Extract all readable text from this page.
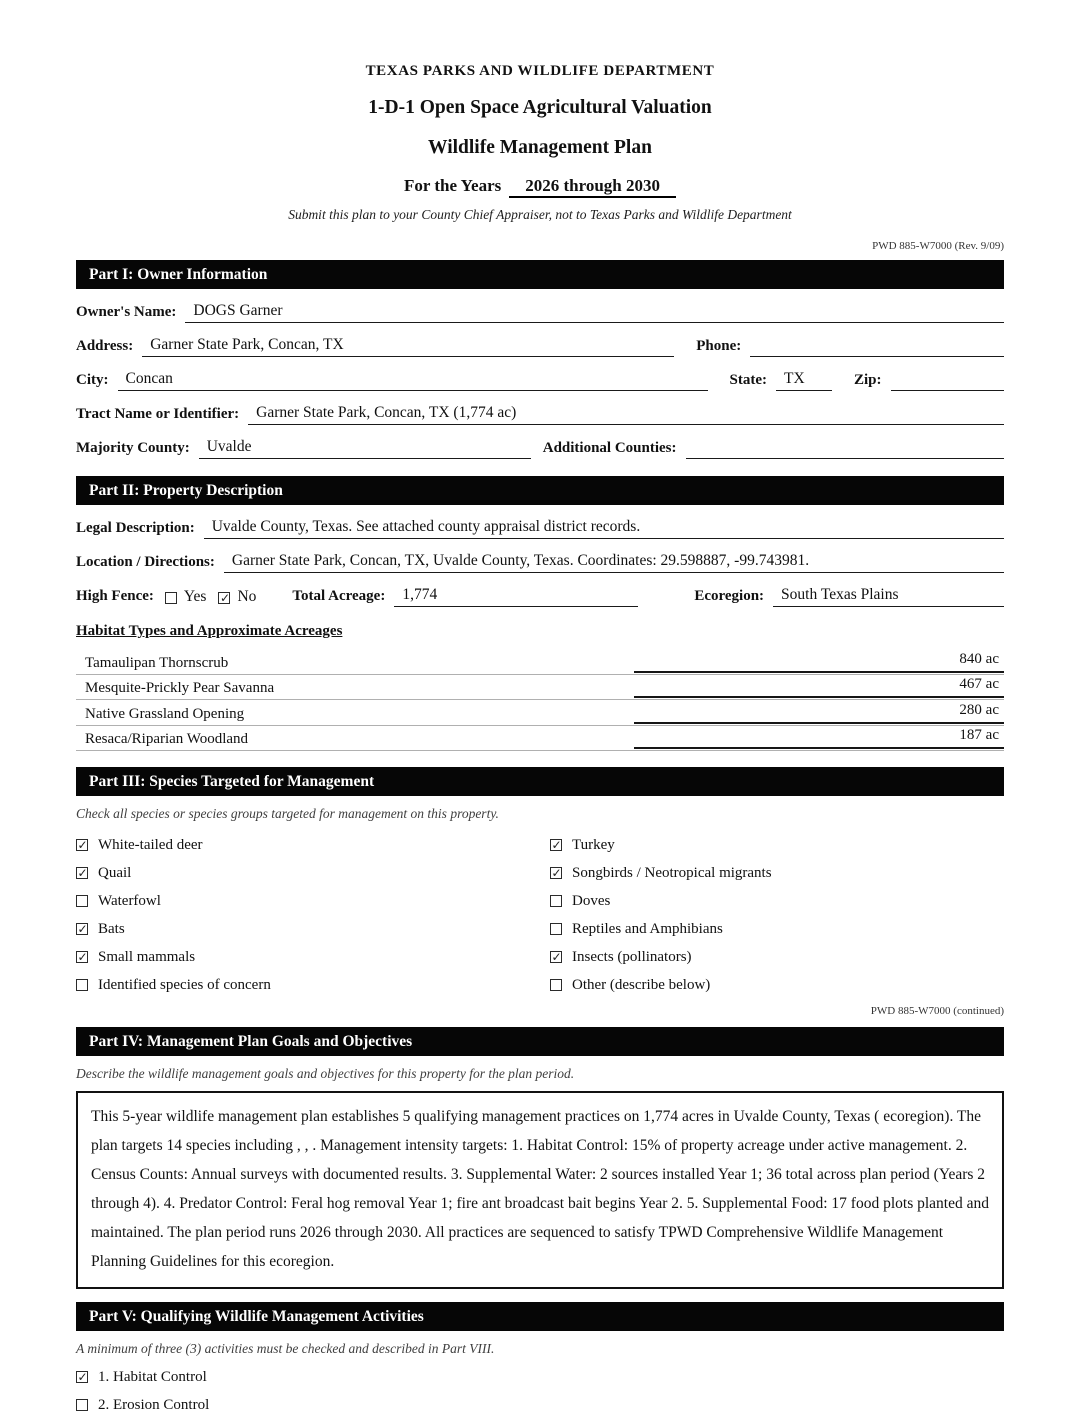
TEXAS PARKS AND WILDLIFE DEPARTMENT
1-D-1 Open Space Agricultural Valuation
Wildlife Management Plan
For the Years 2026 through 2030
Submit this plan to your County Chief Appraiser, not to Texas Parks and Wildlife Department
PWD 885-W7000 (Rev. 9/09)
Part I: Owner Information
Owner's Name:	DOGS Garner
Address:	Garner State Park, Concan, TX	Phone:
City:	Concan	State:	TX	Zip:
Tract Name or Identifier:	Garner State Park, Concan, TX (1,774 ac)
Majority County:	Uvalde	Additional Counties:
Part II: Property Description
Legal Description:	Uvalde County, Texas. See attached county appraisal district records.
Location / Directions:	Garner State Park, Concan, TX, Uvalde County, Texas. Coordinates: 29.598887, -99.743981.
High Fence:	Yes ✓	No	Total Acreage:	1,774	Ecoregion:	South Texas Plains
Habitat Types and Approximate Acreages
Tamaulipan Thornscrub	840 ac
Mesquite-Prickly Pear Savanna	467 ac
Native Grassland Opening	280 ac
Resaca/Riparian Woodland	187 ac
Part III: Species Targeted for Management
Check all species or species groups targeted for management on this property.
✓
White-tailed deer
✓
Quail
Waterfowl
✓
Bats
✓
Small mammals
Identified species of concern
✓
Turkey
✓
Songbirds / Neotropical migrants
Doves
Reptiles and Amphibians
✓
Insects (pollinators)
Other (describe below)
PWD 885-W7000 (continued)
Part IV: Management Plan Goals and Objectives
Describe the wildlife management goals and objectives for this property for the plan period.
This 5-year wildlife management plan establishes 5 qualifying management practices on 1,774 acres in Uvalde County, Texas ( ecoregion). The plan targets 14 species including , , . Management intensity targets: 1. Habitat Control: 15% of property acreage under active management. 2. Census Counts: Annual surveys with documented results. 3. Supplemental Water: 2 sources installed Year 1; 36 total across plan period (Years 2 through 4). 4. Predator Control: Feral hog removal Year 1; fire ant broadcast bait begins Year 2. 5. Supplemental Food: 17 food plots planted and maintained. The plan period runs 2026 through 2030. All practices are sequenced to satisfy TPWD Comprehensive Wildlife Management Planning Guidelines for this ecoregion.
Part V: Qualifying Wildlife Management Activities
A minimum of three (3) activities must be checked and described in Part VIII.
✓
1. Habitat Control
2. Erosion Control
